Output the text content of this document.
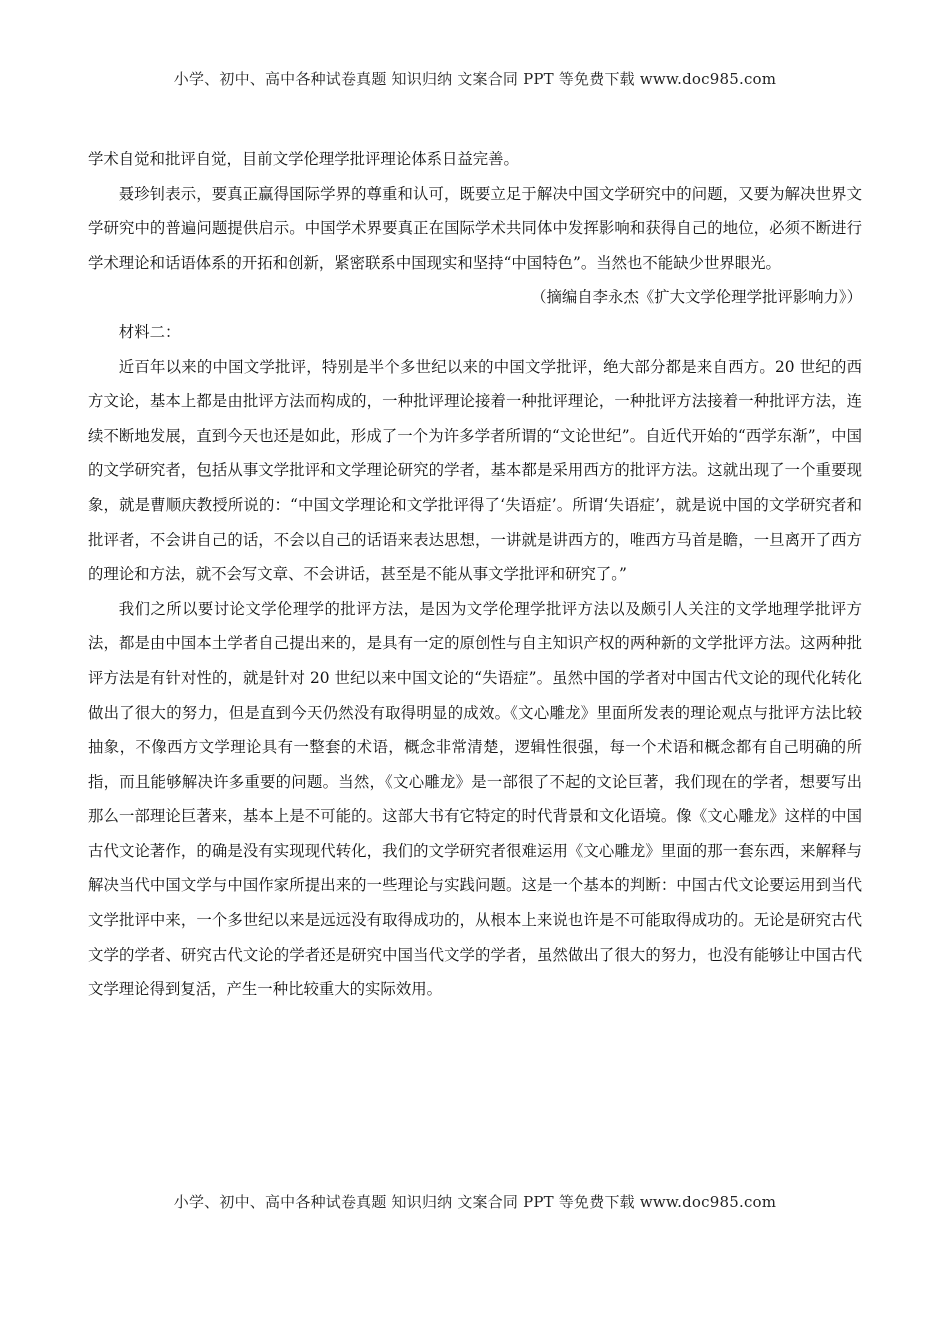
小学、初中、高中各种试卷真题 知识归纳 文案合同 PPT 等免费下载 www.doc985.com

学术自觉和批评自觉，目前文学伦理学批评理论体系日益完善。

聂珍钊表示，要真正赢得国际学界的尊重和认可，既要立足于解决中国文学研究中的问题，又要为解决世界文学研究中的普遍问题提供启示。中国学术界要真正在国际学术共同体中发挥影响和获得自己的地位，必须不断进行学术理论和话语体系的开拓和创新，紧密联系中国现实和坚持“中国特色”。当然也不能缺少世界眼光。

（摘编自李永杰《扩大文学伦理学批评影响力》）

材料二：

近百年以来的中国文学批评，特别是半个多世纪以来的中国文学批评，绝大部分都是来自西方。20 世纪的西方文论，基本上都是由批评方法而构成的，一种批评理论接着一种批评理论，一种批评方法接着一种批评方法，连续不断地发展，直到今天也还是如此，形成了一个为许多学者所谓的“文论世纪”。自近代开始的“西学东渐”，中国的文学研究者，包括从事文学批评和文学理论研究的学者，基本都是采用西方的批评方法。这就出现了一个重要现象，就是曹顺庆教授所说的：“中国文学理论和文学批评得了‘失语症’。所谓‘失语症’，就是说中国的文学研究者和批评者，不会讲自己的话，不会以自己的话语来表达思想，一讲就是讲西方的，唯西方马首是瞻，一旦离开了西方的理论和方法，就不会写文章、不会讲话，甚至是不能从事文学批评和研究了。”

我们之所以要讨论文学伦理学的批评方法，是因为文学伦理学批评方法以及颇引人关注的文学地理学批评方法，都是由中国本土学者自己提出来的，是具有一定的原创性与自主知识产权的两种新的文学批评方法。这两种批评方法是有针对性的，就是针对 20 世纪以来中国文论的“失语症”。虽然中国的学者对中国古代文论的现代化转化做出了很大的努力，但是直到今天仍然没有取得明显的成效。《文心雕龙》里面所发表的理论观点与批评方法比较抽象，不像西方文学理论具有一整套的术语，概念非常清楚，逻辑性很强，每一个术语和概念都有自己明确的所指，而且能够解决许多重要的问题。当然，《文心雕龙》是一部很了不起的文论巨著，我们现在的学者，想要写出那么一部理论巨著来，基本上是不可能的。这部大书有它特定的时代背景和文化语境。像《文心雕龙》这样的中国古代文论著作，的确是没有实现现代转化，我们的文学研究者很难运用《文心雕龙》里面的那一套东西，来解释与解决当代中国文学与中国作家所提出来的一些理论与实践问题。这是一个基本的判断：中国古代文论要运用到当代文学批评中来，一个多世纪以来是远远没有取得成功的，从根本上来说也许是不可能取得成功的。无论是研究古代文学的学者、研究古代文论的学者还是研究中国当代文学的学者，虽然做出了很大的努力，也没有能够让中国古代文学理论得到复活，产生一种比较重大的实际效用。

小学、初中、高中各种试卷真题 知识归纳 文案合同 PPT 等免费下载 www.doc985.com
